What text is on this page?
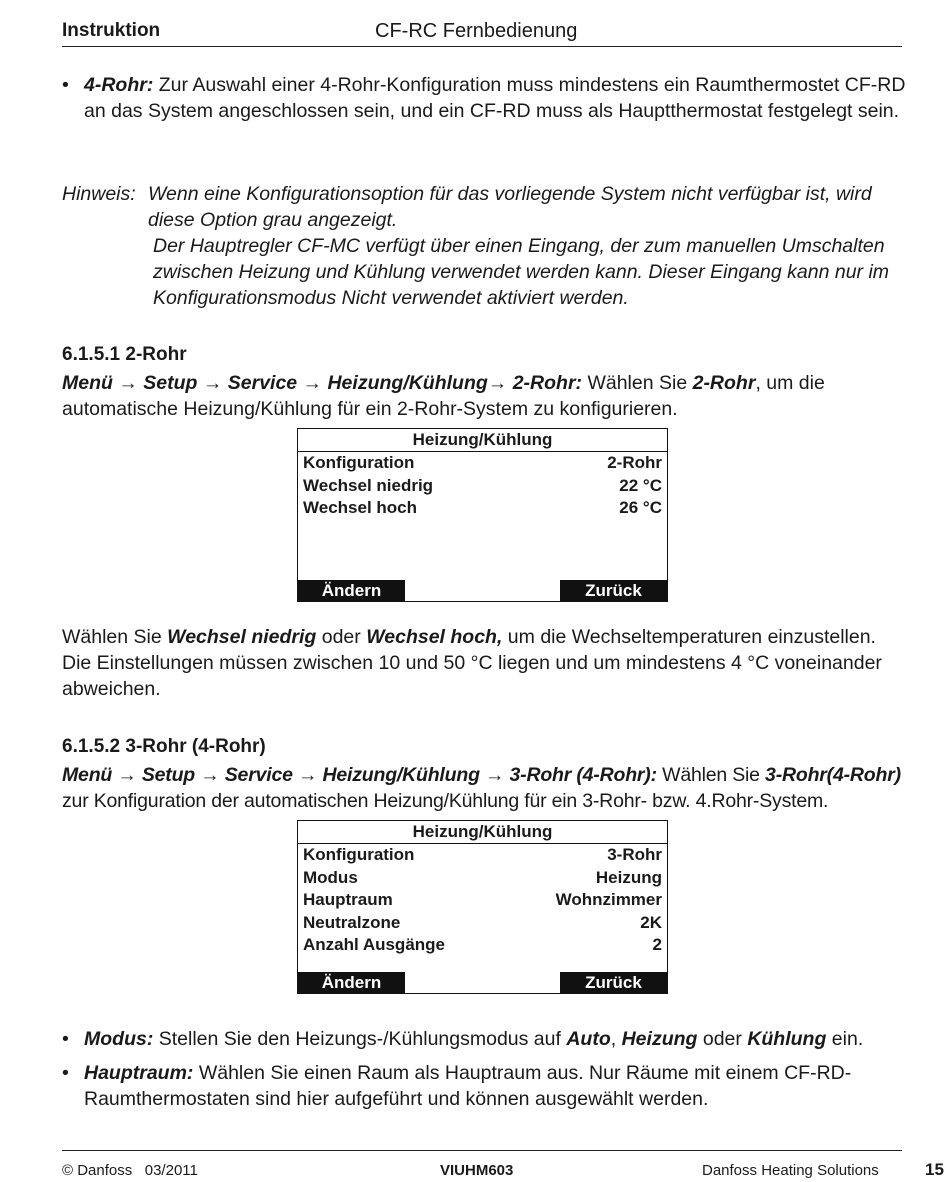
Instruktion	CF-RC Fernbedienung
• 4-Rohr: Zur Auswahl einer 4-Rohr-Konfiguration muss mindestens ein Raumthermostet CF-RD an das System angeschlossen sein, und ein CF-RD muss als Hauptthermostat festgelegt sein.
Hinweis: Wenn eine Konfigurationsoption für das vorliegende System nicht verfügbar ist, wird diese Option grau angezeigt.
Der Hauptregler CF-MC verfügt über einen Eingang, der zum manuellen Umschalten zwischen Heizung und Kühlung verwendet werden kann. Dieser Eingang kann nur im Konfigurationsmodus Nicht verwendet aktiviert werden.
6.1.5.1 2-Rohr
Menü → Setup → Service → Heizung/Kühlung→ 2-Rohr: Wählen Sie 2-Rohr, um die automatische Heizung/Kühlung für ein 2-Rohr-System zu konfigurieren.
Heizung/Kühlung
Konfiguration	2-Rohr
Wechsel niedrig	22 °C
Wechsel hoch	26 °C
Ändern	Zurück
Wählen Sie Wechsel niedrig oder Wechsel hoch, um die Wechseltemperaturen einzustellen. Die Einstellungen müssen zwischen 10 und 50 °C liegen und um mindestens 4 °C voneinander abweichen.
6.1.5.2 3-Rohr (4-Rohr)
Menü → Setup → Service → Heizung/Kühlung → 3-Rohr (4-Rohr): Wählen Sie 3-Rohr(4-Rohr) zur Konfiguration der automatischen Heizung/Kühlung für ein 3-Rohr- bzw. 4.Rohr-System.
Heizung/Kühlung
Konfiguration	3-Rohr
Modus	Heizung
Hauptraum	Wohnzimmer
Neutralzone	2K
Anzahl Ausgänge	2
Ändern	Zurück
• Modus: Stellen Sie den Heizungs-/Kühlungsmodus auf Auto, Heizung oder Kühlung ein.
• Hauptraum: Wählen Sie einen Raum als Hauptraum aus. Nur Räume mit einem CF-RD-Raumthermostaten sind hier aufgeführt und können ausgewählt werden.
© Danfoss   03/2011	VIUHM603	Danfoss Heating Solutions	15
